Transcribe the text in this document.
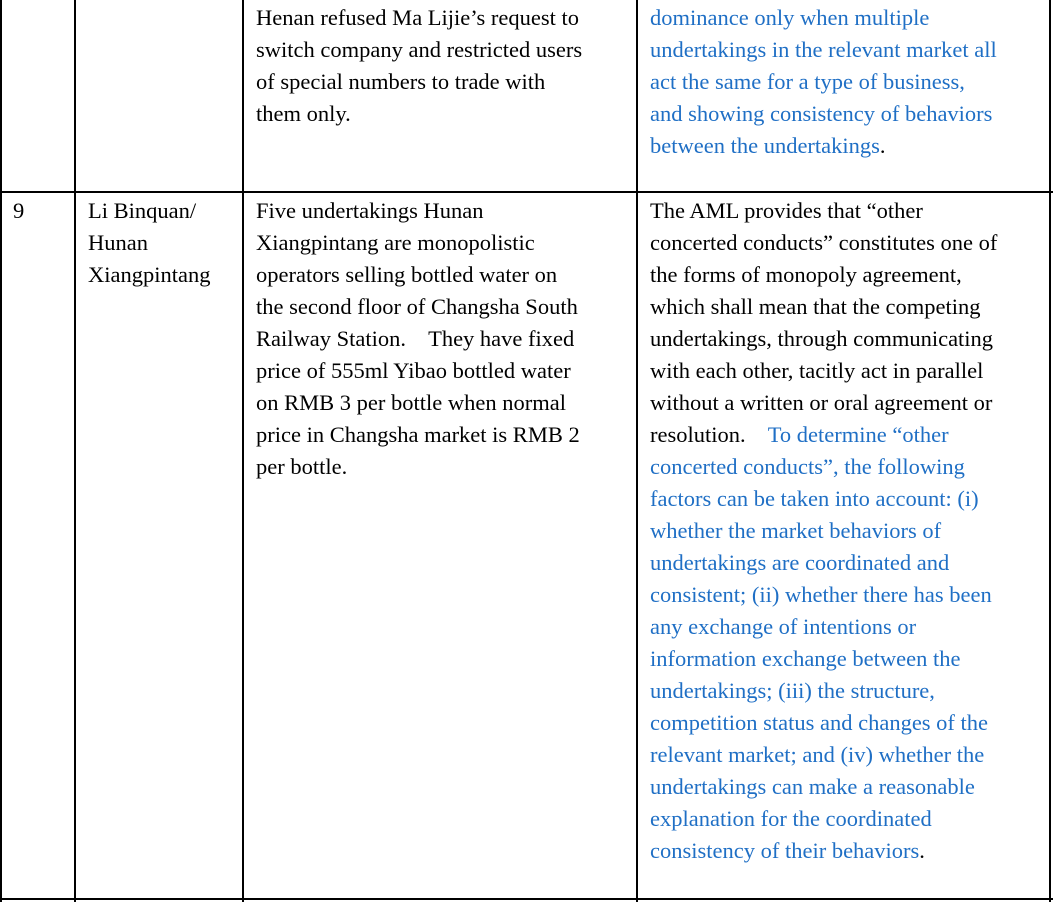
Henan refused Ma Lijie’s request to
switch company and restricted users
of special numbers to trade with
them only.
dominance only when multiple
undertakings in the relevant market all
act the same for a type of business,
and showing consistency of behaviors
between the undertakings.
9	Li Binquan/
Hunan
Xiangpintang
Five undertakings Hunan
Xiangpintang are monopolistic
operators selling bottled water on
the second floor of Changsha South
Railway Station.    They have fixed
price of 555ml Yibao bottled water
on RMB 3 per bottle when normal
price in Changsha market is RMB 2
per bottle.
The AML provides that “other
concerted conducts” constitutes one of
the forms of monopoly agreement,
which shall mean that the competing
undertakings, through communicating
with each other, tacitly act in parallel
without a written or oral agreement or
resolution.    To determine “other
concerted conducts”, the following
factors can be taken into account: (i)
whether the market behaviors of
undertakings are coordinated and
consistent; (ii) whether there has been
any exchange of intentions or
information exchange between the
undertakings; (iii) the structure,
competition status and changes of the
relevant market; and (iv) whether the
undertakings can make a reasonable
explanation for the coordinated
consistency of their behaviors.
